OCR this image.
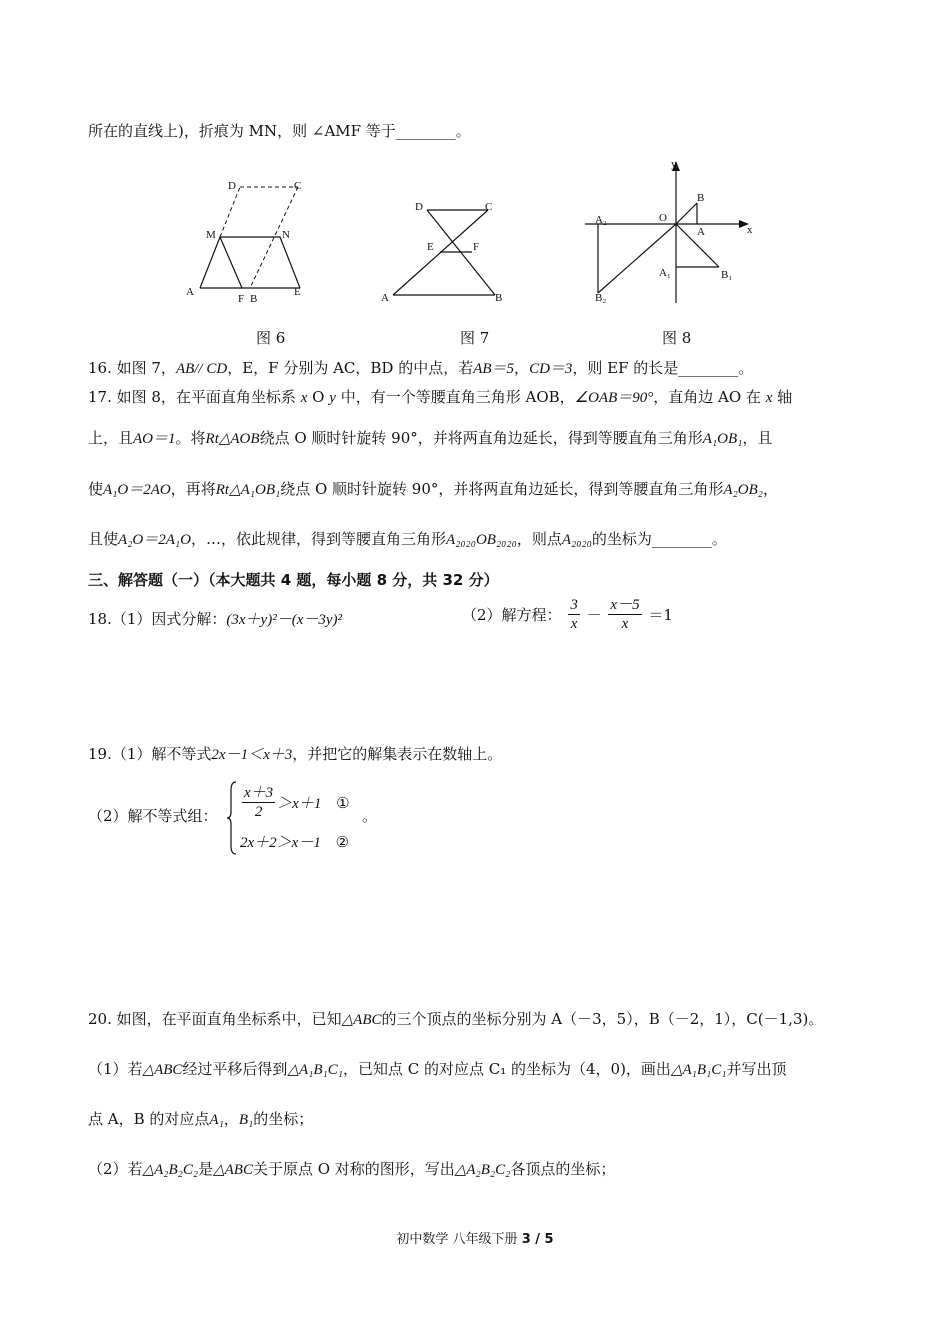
所在的直线上)，折痕为 MN，则 ∠AMF 等于________。
D	C
M	N
A
F B
E
图 6
D	C
E	F
A	B
图 7
y
x
O
B
A
A₂
A₁	B₁
B₂
图 8
16. 如图 7，AB// CD，E，F 分别为 AC，BD 的中点，若AB＝5，CD＝3，则 EF 的长是________。
17. 如图 8，在平面直角坐标系 x O y 中，有一个等腰直角三角形 AOB，∠OAB＝90°，直角边 AO 在 x 轴
上，且AO＝1。将Rt△AOB绕点 O 顺时针旋转 90°，并将两直角边延长，得到等腰直角三角形A₁OB₁，且
使A₁O＝2AO，再将Rt△A₁OB₁绕点 O 顺时针旋转 90°，并将两直角边延长，得到等腰直角三角形A₂OB₂，
且使A₂O＝2A₁O，…，依此规律，得到等腰直角三角形A₂₀₂₀OB₂₀₂₀，则点A₂₀₂₀的坐标为________。
三、解答题（一）（本大题共 4 题，每小题 8 分，共 32 分）
18.（1）因式分解：(3x＋y)²－(x－3y)²	（2）解方程： $\frac{3}{x} - \frac{x-5}{x} =1$
19.（1）解不等式2x－1＜x＋3，并把它的解集表示在数轴上。
（2）解不等式组： $\frac{x+3}{2} >x+1$ ①
。
2x＋2＞x－1 ②
20. 如图，在平面直角坐标系中，已知△ABC的三个顶点的坐标分别为 A（－3，5），B（－2，1），C(－1,3)。
（1）若△ABC经过平移后得到△A₁B₁C₁，已知点 C 的对应点 C₁ 的坐标为（4，0)，画出△A₁B₁C₁并写出顶
点 A，B 的对应点A₁，B₁的坐标；
（2）若△A₂B₂C₂是△ABC关于原点 O 对称的图形，写出△A₂B₂C₂各顶点的坐标；
初中数学 八年级下册 3 / 5
